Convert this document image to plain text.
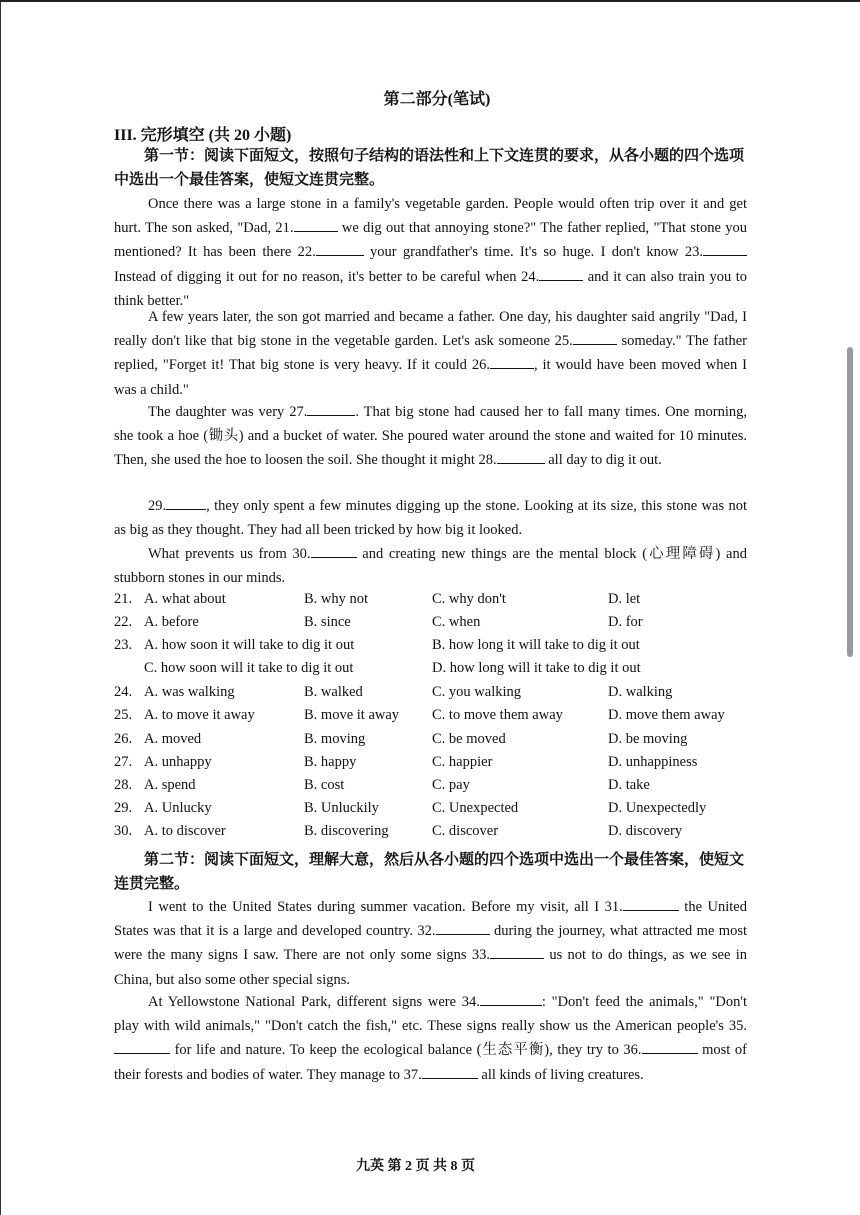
第二部分(笔试)
III. 完形填空 (共 20 小题)
第一节：阅读下面短文，按照句子结构的语法性和上下文连贯的要求，从各小题的四个选项中选出一个最佳答案，使短文连贯完整。
Once there was a large stone in a family's vegetable garden. People would often trip over it and get hurt. The son asked, "Dad, 21.	we dig out that annoying stone?" The father replied, "That stone you mentioned? It has been there 22.	your grandfather's time. It's so huge. I don't know 23. Instead of digging it out for no reason, it's better to be careful when 24.	and it can also train you to think better."
A few years later, the son got married and became a father. One day, his daughter said angrily "Dad, I really don't like that big stone in the vegetable garden. Let's ask someone 25.	someday." The father replied, "Forget it! That big stone is very heavy. If it could 26.	, it would have been moved when I was a child."
The daughter was very 27.	. That big stone had caused her to fall many times. One morning, she took a hoe (锄头) and a bucket of water. She poured water around the stone and waited for 10 minutes. Then, she used the hoe to loosen the soil. She thought it might 28.	all day to dig it out.
29.	, they only spent a few minutes digging up the stone. Looking at its size, this stone was not as big as they thought. They had all been tricked by how big it looked.
What prevents us from 30.	and creating new things are the mental block (心理障碍) and stubborn stones in our minds.
21. A. what about	B. why not	C. why don't	D. let
22. A. before	B. since	C. when	D. for
23. A. how soon it will take to dig it out	B. how long it will take to dig it out
C. how soon will it take to dig it out	D. how long will it take to dig it out
24. A. was walking	B. walked	C. you walking	D. walking
25. A. to move it away	B. move it away C. to move them away	D. move them away
26. A. moved	B. moving	C. be moved	D. be moving
27. A. unhappy	B. happy	C. happier	D. unhappiness
28. A. spend	B. cost	C. pay	D. take
29. A. Unlucky	B. Unluckily	C. Unexpected	D. Unexpectedly
30. A. to discover	B. discovering	C. discover	D. discovery
第二节：阅读下面短文，理解大意，然后从各小题的四个选项中选出一个最佳答案，使短文连贯完整。
I went to the United States during summer vacation. Before my visit, all I 31.	the United States was that it is a large and developed country. 32.	during the journey, what attracted me most were the many signs I saw. There are not only some signs 33.	us not to do things, as we see in China, but also some other special signs.
At Yellowstone National Park, different signs were 34.	: "Don't feed the animals," "Don't play with wild animals," "Don't catch the fish," etc. These signs really show us the American people's 35. for life and nature. To keep the ecological balance (生态平衡), they try to 36.	most of their forests and bodies of water. They manage to 37.	all kinds of living creatures.
九英 第 2 页 共 8 页
